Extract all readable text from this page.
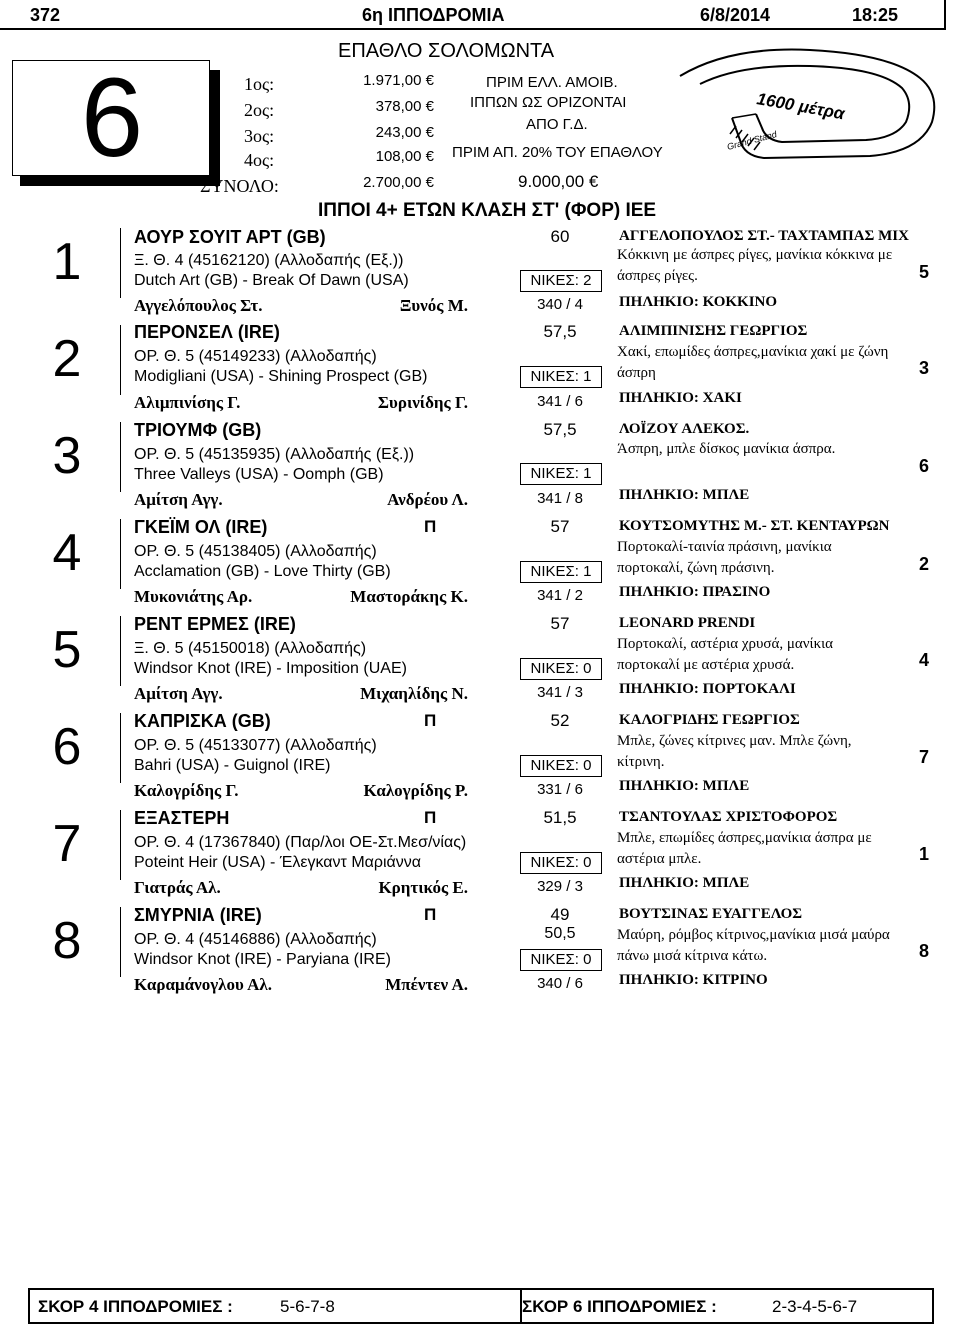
372	6η ΙΠΠΟΔΡΟΜΙΑ	6/8/2014	18:25
6
ΕΠΑΘΛΟ ΣΟΛΟΜΩΝΤΑ
1ος:	1.971,00 €
2ος:	378,00 €
3ος:	243,00 €
4ος:	108,00 €
ΣΥΝΟΛΟ:	2.700,00 €
ΠΡΙΜ ΕΛΛ. ΑΜΟΙΒ.
ΙΠΠΩΝ ΩΣ ΟΡΙΖΟΝΤΑΙ
ΑΠΟ Γ.Δ.
ΠΡΙΜ ΑΠ. 20% ΤΟΥ ΕΠΑΘΛΟΥ
9.000,00 €
ΙΠΠΟΙ 4+ ΕΤΩΝ ΚΛΑΣΗ ΣΤ' (ΦΟΡ) ΙΕΕ
1600 μέτρα
Grand Stand
1	ΑΟΥΡ ΣΟΥΙΤ ΑΡΤ (GB)	60
Ξ. Θ. 4 (45162120) (Αλλοδαπής (Εξ.))
Dutch Art (GB) - Break Of Dawn (USA)	ΝΙΚΕΣ: 2
Αγγελόπουλος Στ.	Ξυνός Μ.	340 / 4
ΑΓΓΕΛΟΠΟΥΛΟΣ ΣΤ.- ΤΑΧΤΑΜΠΑΣ ΜΙΧ
Κόκκινη με άσπρες ρίγες, μανίκια κόκκινα με άσπρες ρίγες.
ΠΗΛΗΚΙΟ: ΚΟΚΚΙΝΟ
5
2	ΠΕΡΟΝΣΕΛ (IRE)	57,5
ΟΡ. Θ. 5 (45149233) (Αλλοδαπής)
Modigliani (USA) - Shining Prospect (GB)	ΝΙΚΕΣ: 1
Αλιμπινίσης Γ.	Συρινίδης Γ.	341 / 6
ΑΛΙΜΠΙΝΙΣΗΣ ΓΕΩΡΓΙΟΣ
Χακί, επωμίδες άσπρες,μανίκια χακί με ζώνη άσπρη
ΠΗΛΗΚΙΟ: ΧΑΚΙ
3
3	ΤΡΙΟΥΜΦ (GB)	57,5
ΟΡ. Θ. 5 (45135935) (Αλλοδαπής (Εξ.))
Three Valleys (USA) - Oomph (GB)	ΝΙΚΕΣ: 1
Αμίτση Αγγ.	Ανδρέου Λ.	341 / 8
ΛΟΪΖΟΥ ΑΛΕΚΟΣ.
Άσπρη, μπλε δίσκος μανίκια άσπρα.
ΠΗΛΗΚΙΟ: ΜΠΛΕ
6
4	ΓΚΕΪΜ ΟΛ (IRE)	Π	57
ΟΡ. Θ. 5 (45138405) (Αλλοδαπής)
Acclamation (GB) - Love Thirty (GB)	ΝΙΚΕΣ: 1
Μυκονιάτης Αρ.	Μαστοράκης Κ.	341 / 2
ΚΟΥΤΣΟΜΥΤΗΣ Μ.- ΣΤ. ΚΕΝΤΑΥΡΩΝ
Πορτοκαλί-ταινία πράσινη, μανίκια πορτοκαλί, ζώνη πράσινη.
ΠΗΛΗΚΙΟ: ΠΡΑΣΙΝΟ
2
5	ΡΕΝΤ ΕΡΜΕΣ (IRE)	57
Ξ. Θ. 5 (45150018) (Αλλοδαπής)
Windsor Knot (IRE) - Imposition (UAE)	ΝΙΚΕΣ: 0
Αμίτση Αγγ.	Μιχαηλίδης Ν.	341 / 3
LEONARD PRENDI
Πορτοκαλί, αστέρια χρυσά, μανίκια πορτοκαλί με αστέρια χρυσά.
ΠΗΛΗΚΙΟ: ΠΟΡΤΟΚΑΛΙ
4
6	ΚΑΠΡΙΣΚΑ (GB)	Π	52
ΟΡ. Θ. 5 (45133077) (Αλλοδαπής)
Bahri (USA) - Guignol (IRE)	ΝΙΚΕΣ: 0
Καλογρίδης Γ.	Καλογρίδης Ρ.	331 / 6
ΚΑΛΟΓΡΙΔΗΣ ΓΕΩΡΓΙΟΣ
Μπλε, ζώνες κίτρινες μαν. Μπλε ζώνη, κίτρινη.
ΠΗΛΗΚΙΟ: ΜΠΛΕ
7
7	ΕΞΑΣΤΕΡΗ	Π	51,5
ΟΡ. Θ. 4 (17367840) (Παρ/λοι ΟΕ-Στ.Μεσ/νίας)
Poteint Heir (USA) - Έλεγκαντ Μαριάννα	ΝΙΚΕΣ: 0
Γιατράς Αλ.	Κρητικός Ε.	329 / 3
ΤΣΑΝΤΟΥΛΑΣ ΧΡΙΣΤΟΦΟΡΟΣ
Μπλε, επωμίδες άσπρες,μανίκια άσπρα με αστέρια μπλε.
ΠΗΛΗΚΙΟ: ΜΠΛΕ
1
8	ΣΜΥΡΝΙΑ (IRE)	Π	49
50,5
ΟΡ. Θ. 4 (45146886) (Αλλοδαπής)
Windsor Knot (IRE) - Paryiana (IRE)	ΝΙΚΕΣ: 0
Καραμάνογλου Αλ.	Μπέντεν Α.	340 / 6
ΒΟΥΤΣΙΝΑΣ ΕΥΑΓΓΕΛΟΣ
Μαύρη, ρόμβος κίτρινος,μανίκια μισά μαύρα πάνω μισά κίτρινα κάτω.
ΠΗΛΗΚΙΟ: ΚΙΤΡΙΝΟ
8
ΣΚΟΡ 4 ΙΠΠΟΔΡΟΜΙΕΣ :	5-6-7-8	ΣΚΟΡ 6 ΙΠΠΟΔΡΟΜΙΕΣ :	2-3-4-5-6-7
